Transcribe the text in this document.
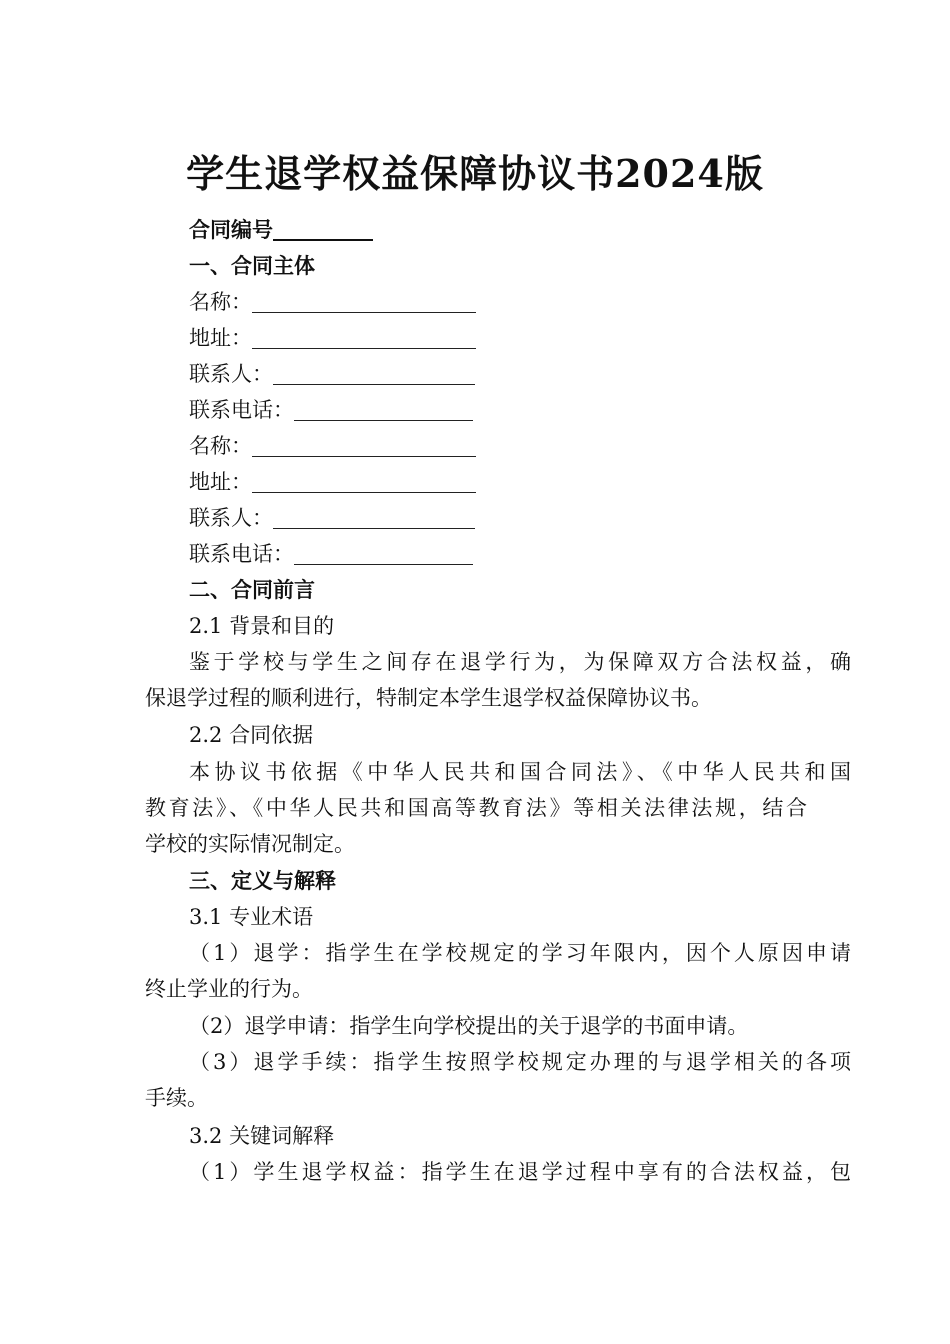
学生退学权益保障协议书2024版
合同编号
一、合同主体
名称：
地址：
联系人：
联系电话：
名称：
地址：
联系人：
联系电话：
二、合同前言
2.1 背景和目的
鉴于学校与学生之间存在退学行为，为保障双方合法权益，确
保退学过程的顺利进行，特制定本学生退学权益保障协议书。
2.2 合同依据
本协议书依据《中华人民共和国合同法》、《中华人民共和国
教育法》、《中华人民共和国高等教育法》等相关法律法规，结合
学校的实际情况制定。
三、定义与解释
3.1 专业术语
（1）退学：指学生在学校规定的学习年限内，因个人原因申请
终止学业的行为。
（2）退学申请：指学生向学校提出的关于退学的书面申请。
（3）退学手续：指学生按照学校规定办理的与退学相关的各项
手续。
3.2 关键词解释
（1）学生退学权益：指学生在退学过程中享有的合法权益，包
